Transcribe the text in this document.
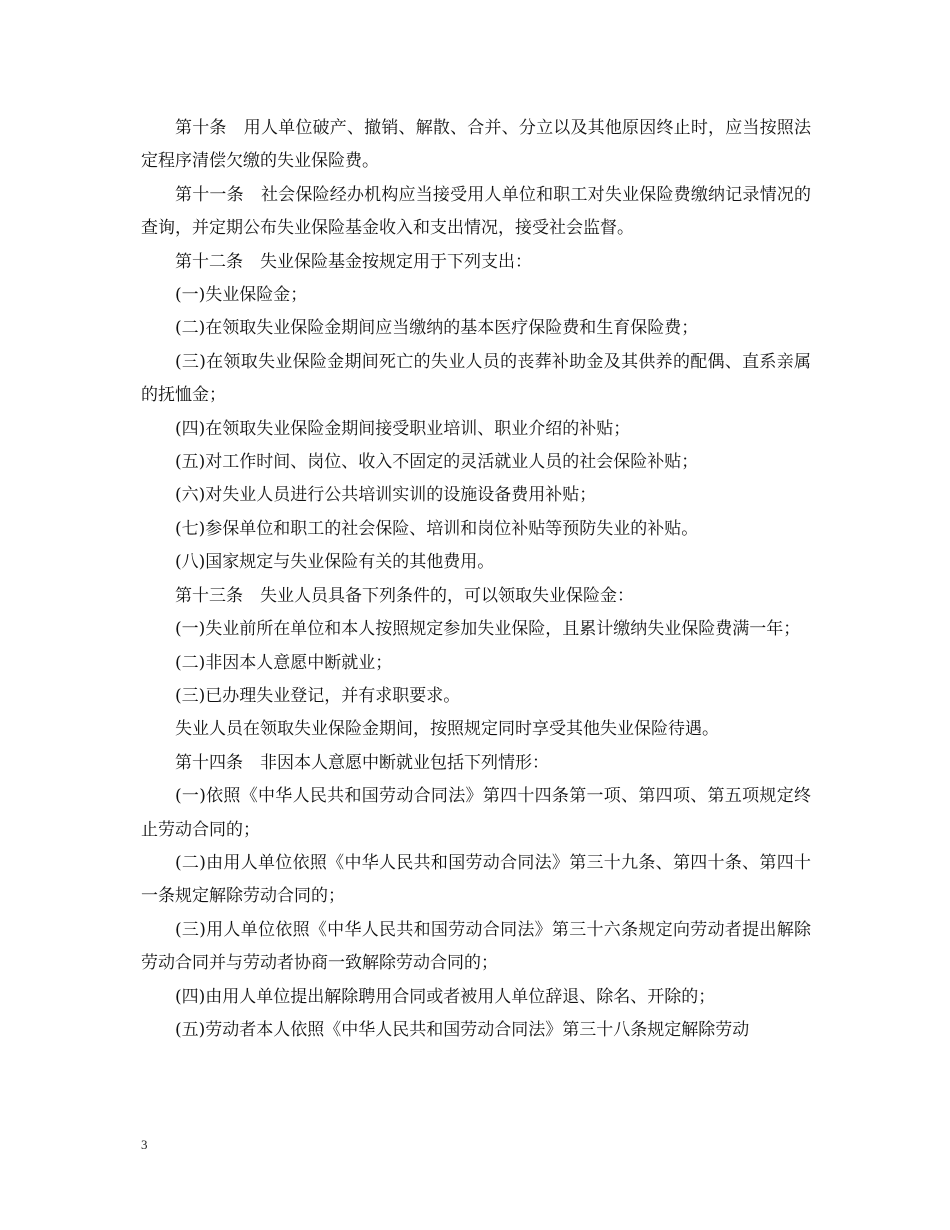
第十条　用人单位破产、撤销、解散、合并、分立以及其他原因终止时，应当按照法定程序清偿欠缴的失业保险费。

第十一条　社会保险经办机构应当接受用人单位和职工对失业保险费缴纳记录情况的查询，并定期公布失业保险基金收入和支出情况，接受社会监督。

第十二条　失业保险基金按规定用于下列支出：

(一)失业保险金；

(二)在领取失业保险金期间应当缴纳的基本医疗保险费和生育保险费；

(三)在领取失业保险金期间死亡的失业人员的丧葬补助金及其供养的配偶、直系亲属的抚恤金；

(四)在领取失业保险金期间接受职业培训、职业介绍的补贴；

(五)对工作时间、岗位、收入不固定的灵活就业人员的社会保险补贴；

(六)对失业人员进行公共培训实训的设施设备费用补贴；

(七)参保单位和职工的社会保险、培训和岗位补贴等预防失业的补贴。

(八)国家规定与失业保险有关的其他费用。

第十三条　失业人员具备下列条件的，可以领取失业保险金：

(一)失业前所在单位和本人按照规定参加失业保险，且累计缴纳失业保险费满一年；

(二)非因本人意愿中断就业；

(三)已办理失业登记，并有求职要求。

失业人员在领取失业保险金期间，按照规定同时享受其他失业保险待遇。

第十四条　非因本人意愿中断就业包括下列情形：

(一)依照《中华人民共和国劳动合同法》第四十四条第一项、第四项、第五项规定终止劳动合同的；

(二)由用人单位依照《中华人民共和国劳动合同法》第三十九条、第四十条、第四十一条规定解除劳动合同的；

(三)用人单位依照《中华人民共和国劳动合同法》第三十六条规定向劳动者提出解除劳动合同并与劳动者协商一致解除劳动合同的；

(四)由用人单位提出解除聘用合同或者被用人单位辞退、除名、开除的；

(五)劳动者本人依照《中华人民共和国劳动合同法》第三十八条规定解除劳动

3
